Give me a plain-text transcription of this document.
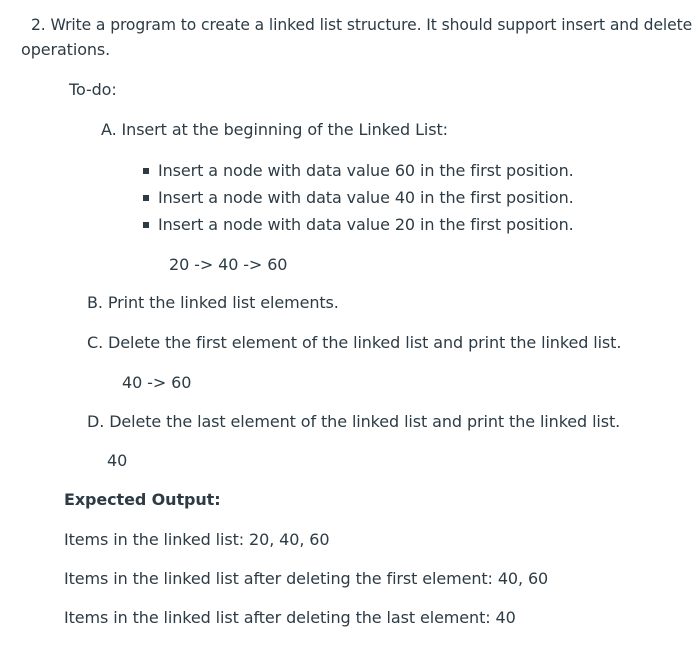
2. Write a program to create a linked list structure. It should support insert and delete
operations.
To-do:
A. Insert at the beginning of the Linked List:
Insert a node with data value 60 in the first position.
Insert a node with data value 40 in the first position.
Insert a node with data value 20 in the first position.
20 -> 40 -> 60
B. Print the linked list elements.
C. Delete the first element of the linked list and print the linked list.
40 -> 60
D. Delete the last element of the linked list and print the linked list.
40
Expected Output:
Items in the linked list: 20, 40, 60
Items in the linked list after deleting the first element: 40, 60
Items in the linked list after deleting the last element: 40
